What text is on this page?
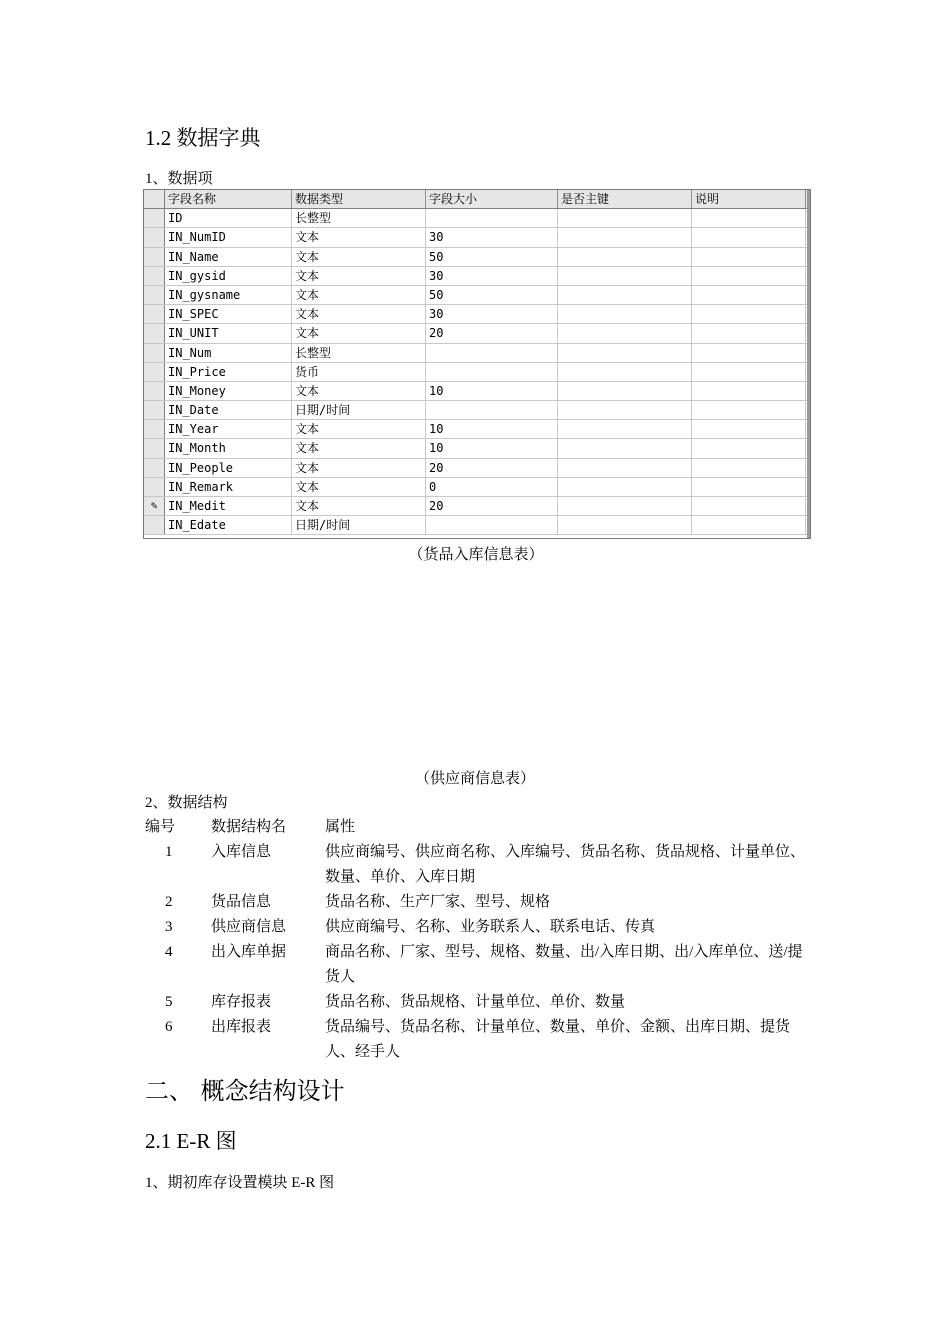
1.2 数据字典
1、数据项
字段名称	数据类型	字段大小	是否主键	说明
ID	长整型
IN_NumID	文本	30
IN_Name	文本	50
IN_gysid	文本	30
IN_gysname	文本	50
IN_SPEC	文本	30
IN_UNIT	文本	20
IN_Num	长整型
IN_Price	货币
IN_Money	文本	10
IN_Date	日期/时间
IN_Year	文本	10
IN_Month	文本	10
IN_People	文本	20
IN_Remark	文本	0
✎ IN_Medit	文本	20
IN_Edate	日期/时间
（货品入库信息表）
（供应商信息表）
2、数据结构
编号	数据结构名	属性
1	入库信息	供应商编号、供应商名称、入库编号、货品名称、货品规格、计量单位、数量、单价、入库日期
2	货品信息	货品名称、生产厂家、型号、规格
3	供应商信息	供应商编号、名称、业务联系人、联系电话、传真
4	出入库单据	商品名称、厂家、型号、规格、数量、出/入库日期、出/入库单位、送/提货人
5	库存报表	货品名称、货品规格、计量单位、单价、数量
6	出库报表	货品编号、货品名称、计量单位、数量、单价、金额、出库日期、提货人、经手人
二、 概念结构设计
2.1 E-R 图
1、期初库存设置模块 E-R 图
